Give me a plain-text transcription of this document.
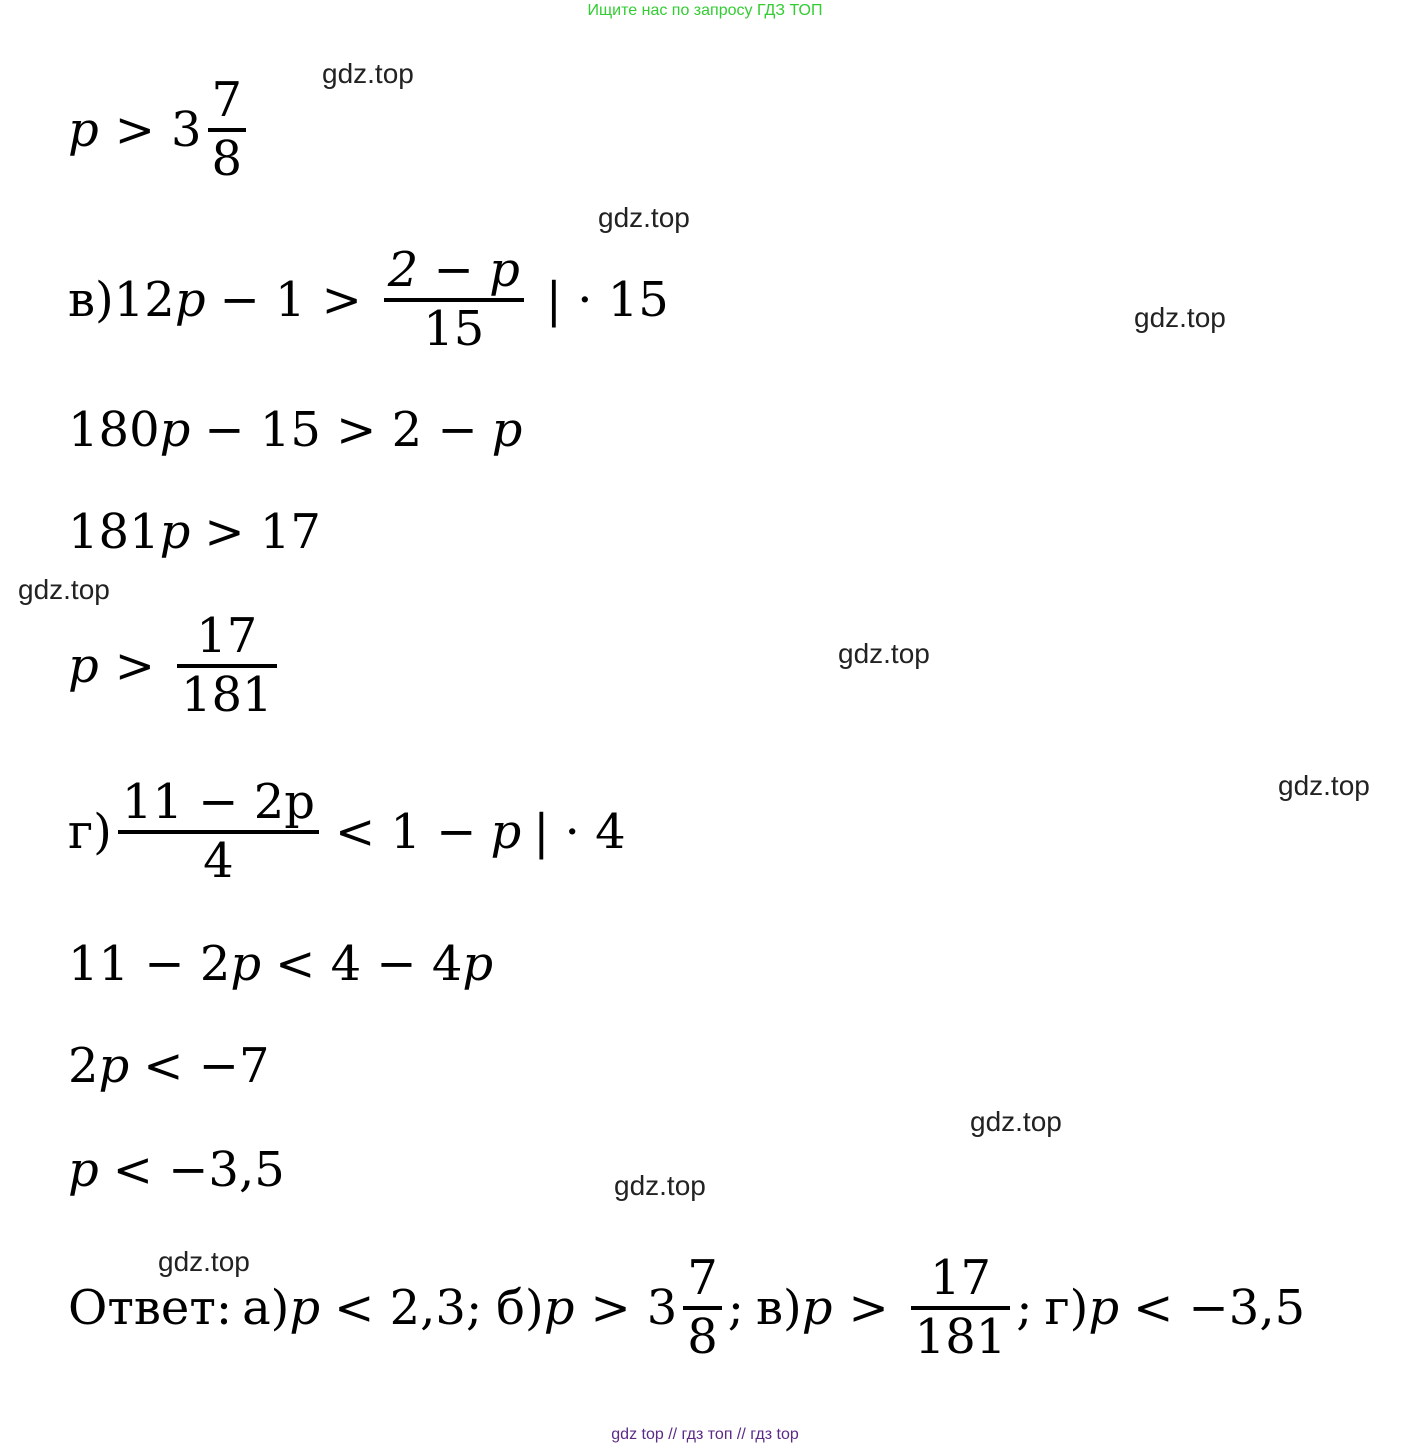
Ищите нас по запросу ГДЗ ТОП
gdz.top
gdz.top
gdz.top
gdz.top
gdz.top
gdz.top
gdz.top
gdz.top
gdz.top
$p > 3 \frac{7}{8}$
в) 12 $p - 1 > \frac{2 - p}{15}$ | · 15
180 p − 15 > 2 − p
181 p > 17
$p > \frac{17}{181}$
$г) \frac{11 - 2p}{4} < 1 - p$ | · 4
11 − 2 p < 4 − 4 p
2 p < −7
p < −3,5
Ответ: а) p < 2,3; б) $p > 3 \frac{7}{8}$ ; в) $p > \frac{17}{181}$ ; г) p < −3,5
gdz top // гдз топ // гдз top
